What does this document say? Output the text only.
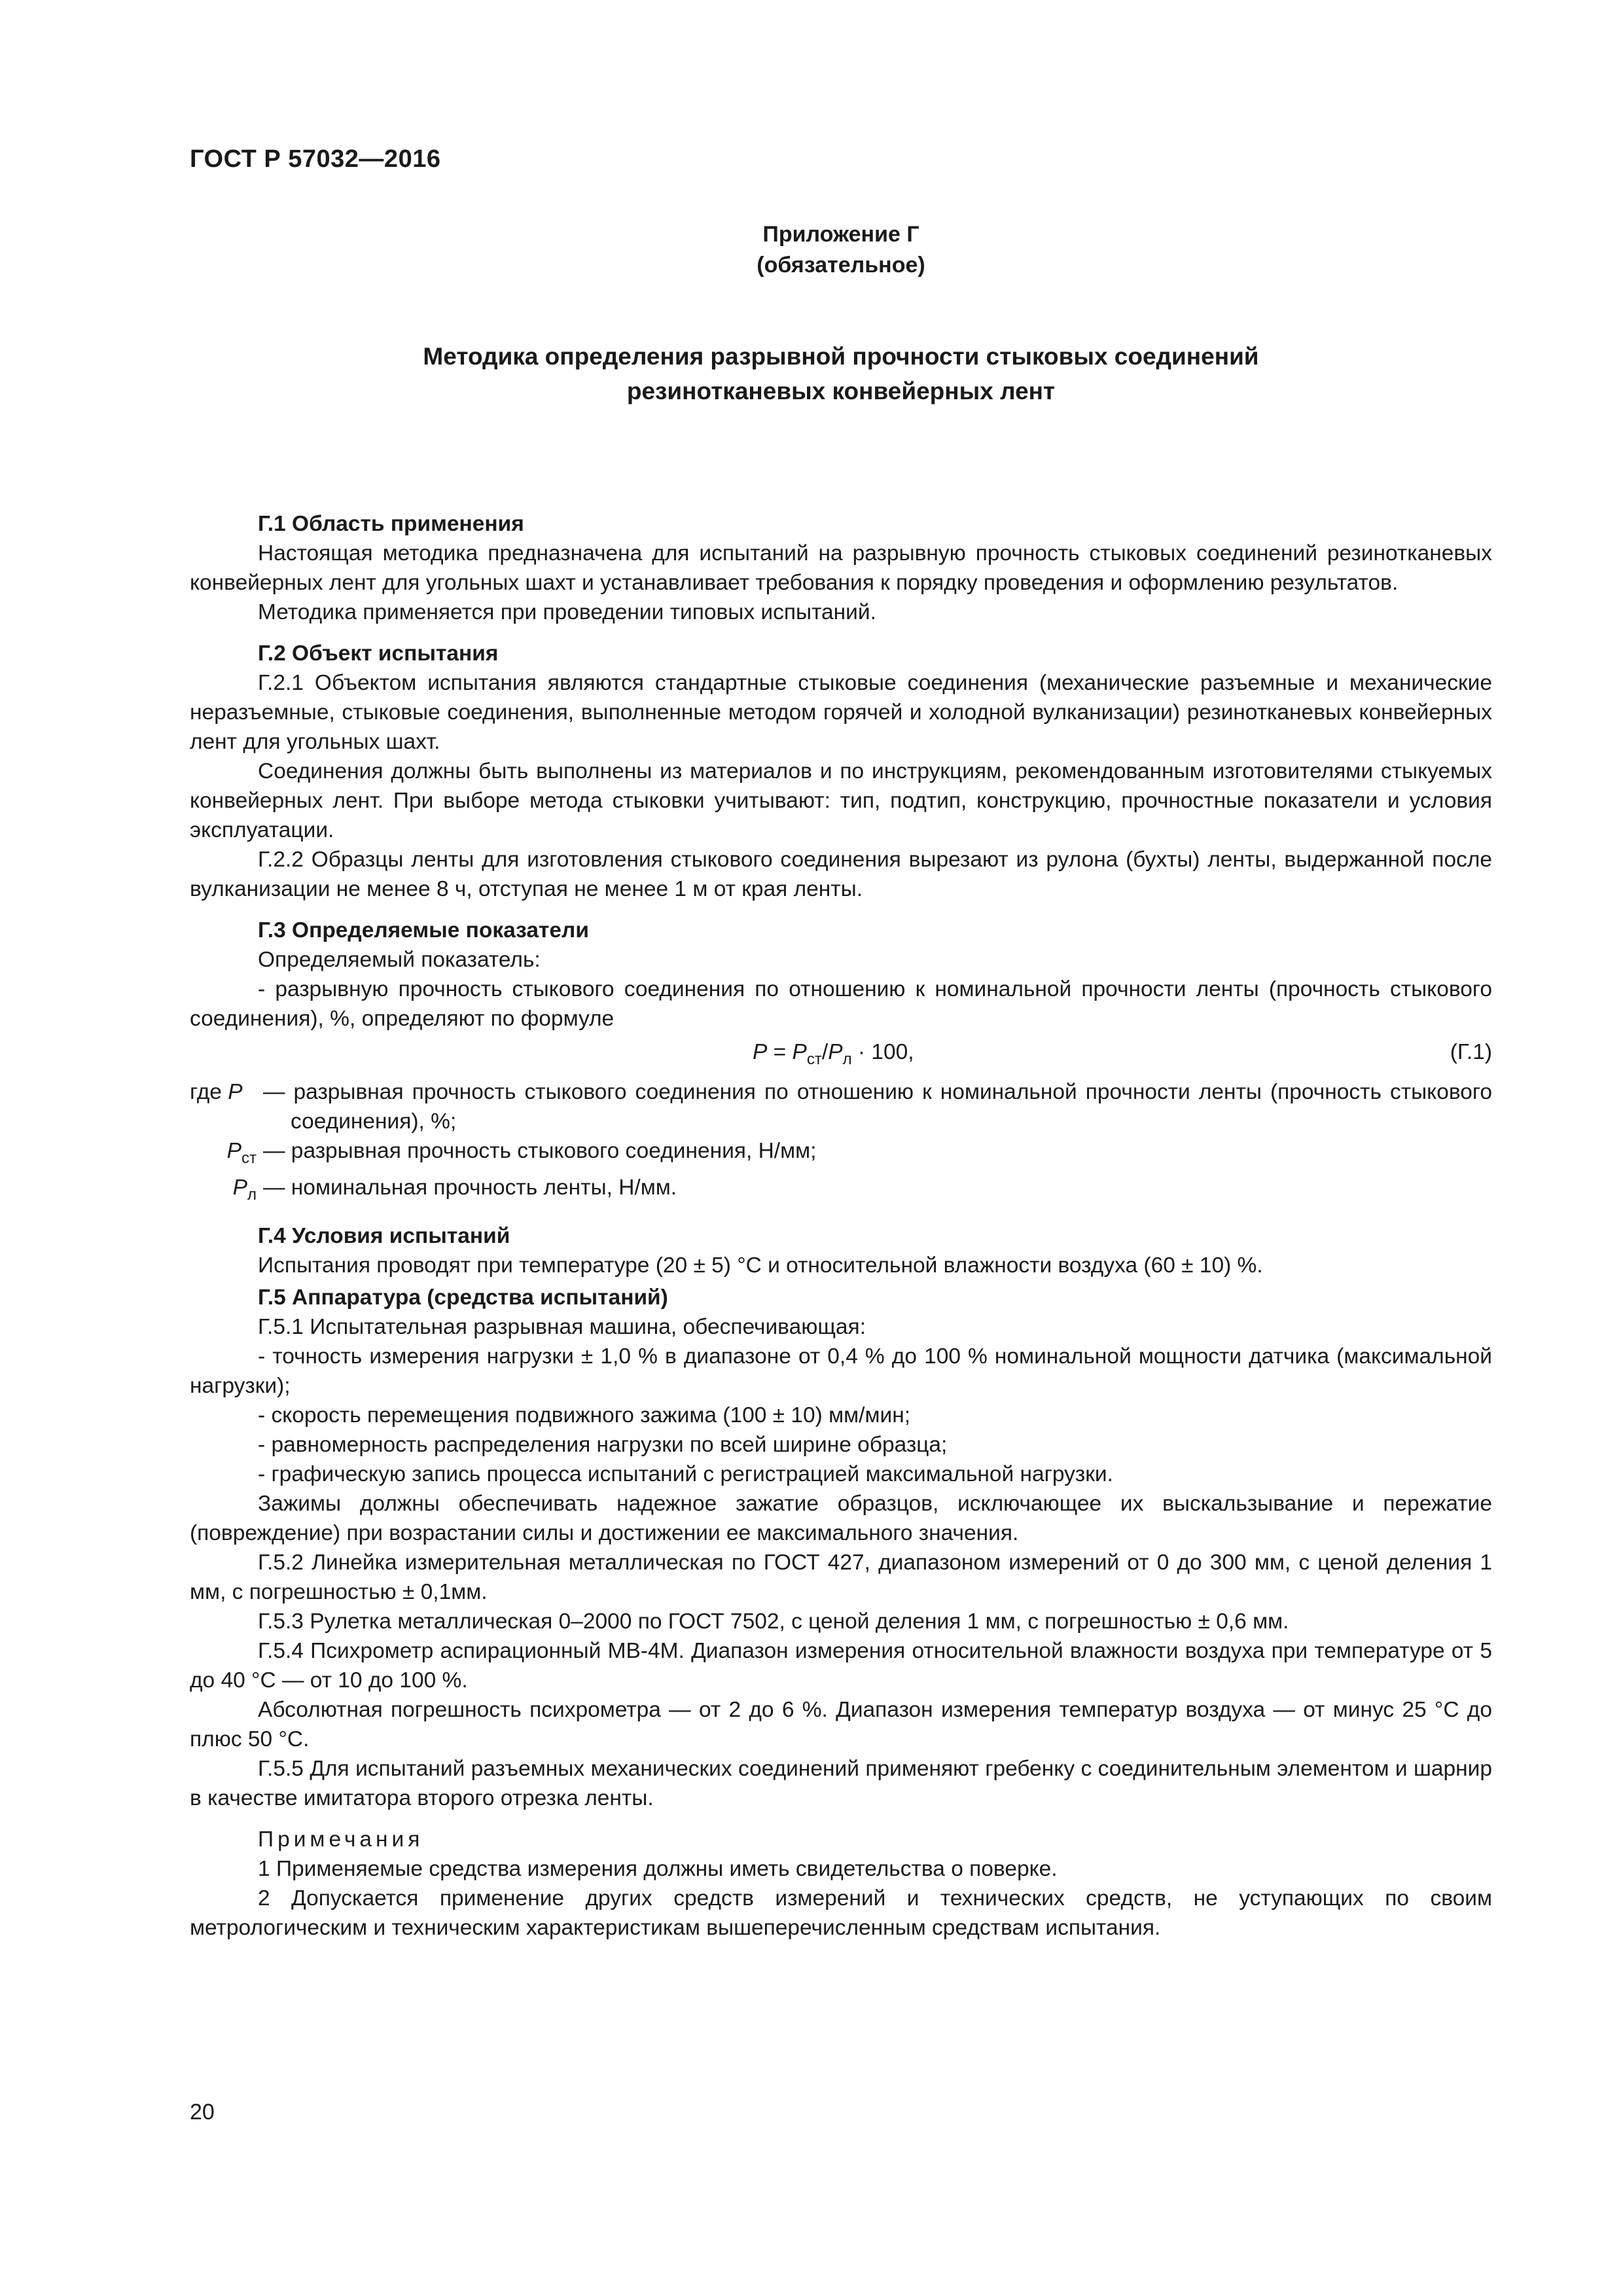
ГОСТ Р 57032—2016
Приложение Г
(обязательное)
Методика определения разрывной прочности стыковых соединений
резинотканевых конвейерных лент
Г.1 Область применения

Настоящая методика предназначена для испытаний на разрывную прочность стыковых соединений резинотканевых конвейерных лент для угольных шахт и устанавливает требования к порядку проведения и оформлению результатов.

Методика применяется при проведении типовых испытаний.

Г.2 Объект испытания

Г.2.1 Объектом испытания являются стандартные стыковые соединения (механические разъемные и механические неразъемные, стыковые соединения, выполненные методом горячей и холодной вулканизации) резинотканевых конвейерных лент для угольных шахт.

Соединения должны быть выполнены из материалов и по инструкциям, рекомендованным изготовителями стыкуемых конвейерных лент. При выборе метода стыковки учитывают: тип, подтип, конструкцию, прочностные показатели и условия эксплуатации.

Г.2.2 Образцы ленты для изготовления стыкового соединения вырезают из рулона (бухты) ленты, выдержанной после вулканизации не менее 8 ч, отступая не менее 1 м от края ленты.

Г.3 Определяемые показатели

Определяемый показатель:

- разрывную прочность стыкового соединения по отношению к номинальной прочности ленты (прочность стыкового соединения), %, определяют по формуле

$P = P_{ст}/P_л \cdot 100$,	(Г.1)
где P — разрывная прочность стыкового соединения по отношению к номинальной прочности ленты (прочность стыкового соединения), %;
$P_{ст}$ — разрывная прочность стыкового соединения, Н/мм;
$P_л$ — номинальная прочность ленты, Н/мм.
Г.4 Условия испытаний

Испытания проводят при температуре (20 ± 5) °С и относительной влажности воздуха (60 ± 10) %.

Г.5 Аппаратура (средства испытаний)

Г.5.1 Испытательная разрывная машина, обеспечивающая:

- точность измерения нагрузки ± 1,0 % в диапазоне от 0,4 % до 100 % номинальной мощности датчика (максимальной нагрузки);

- скорость перемещения подвижного зажима (100 ± 10) мм/мин;

- равномерность распределения нагрузки по всей ширине образца;

- графическую запись процесса испытаний с регистрацией максимальной нагрузки.

Зажимы должны обеспечивать надежное зажатие образцов, исключающее их выскальзывание и пережатие (повреждение) при возрастании силы и достижении ее максимального значения.

Г.5.2 Линейка измерительная металлическая по ГОСТ 427, диапазоном измерений от 0 до 300 мм, с ценой деления 1 мм, с погрешностью ± 0,1мм.

Г.5.3 Рулетка металлическая 0–2000 по ГОСТ 7502, с ценой деления 1 мм, с погрешностью ± 0,6 мм.

Г.5.4 Психрометр аспирационный МВ-4М. Диапазон измерения относительной влажности воздуха при температуре от 5 до 40 °С — от 10 до 100 %.

Абсолютная погрешность психрометра — от 2 до 6 %. Диапазон измерения температур воздуха — от минус 25 °С до плюс 50 °С.

Г.5.5 Для испытаний разъемных механических соединений применяют гребенку с соединительным элементом и шарнир в качестве имитатора второго отрезка ленты.

Примечания

1 Применяемые средства измерения должны иметь свидетельства о поверке.

2 Допускается применение других средств измерений и технических средств, не уступающих по своим метрологическим и техническим характеристикам вышеперечисленным средствам испытания.

20
